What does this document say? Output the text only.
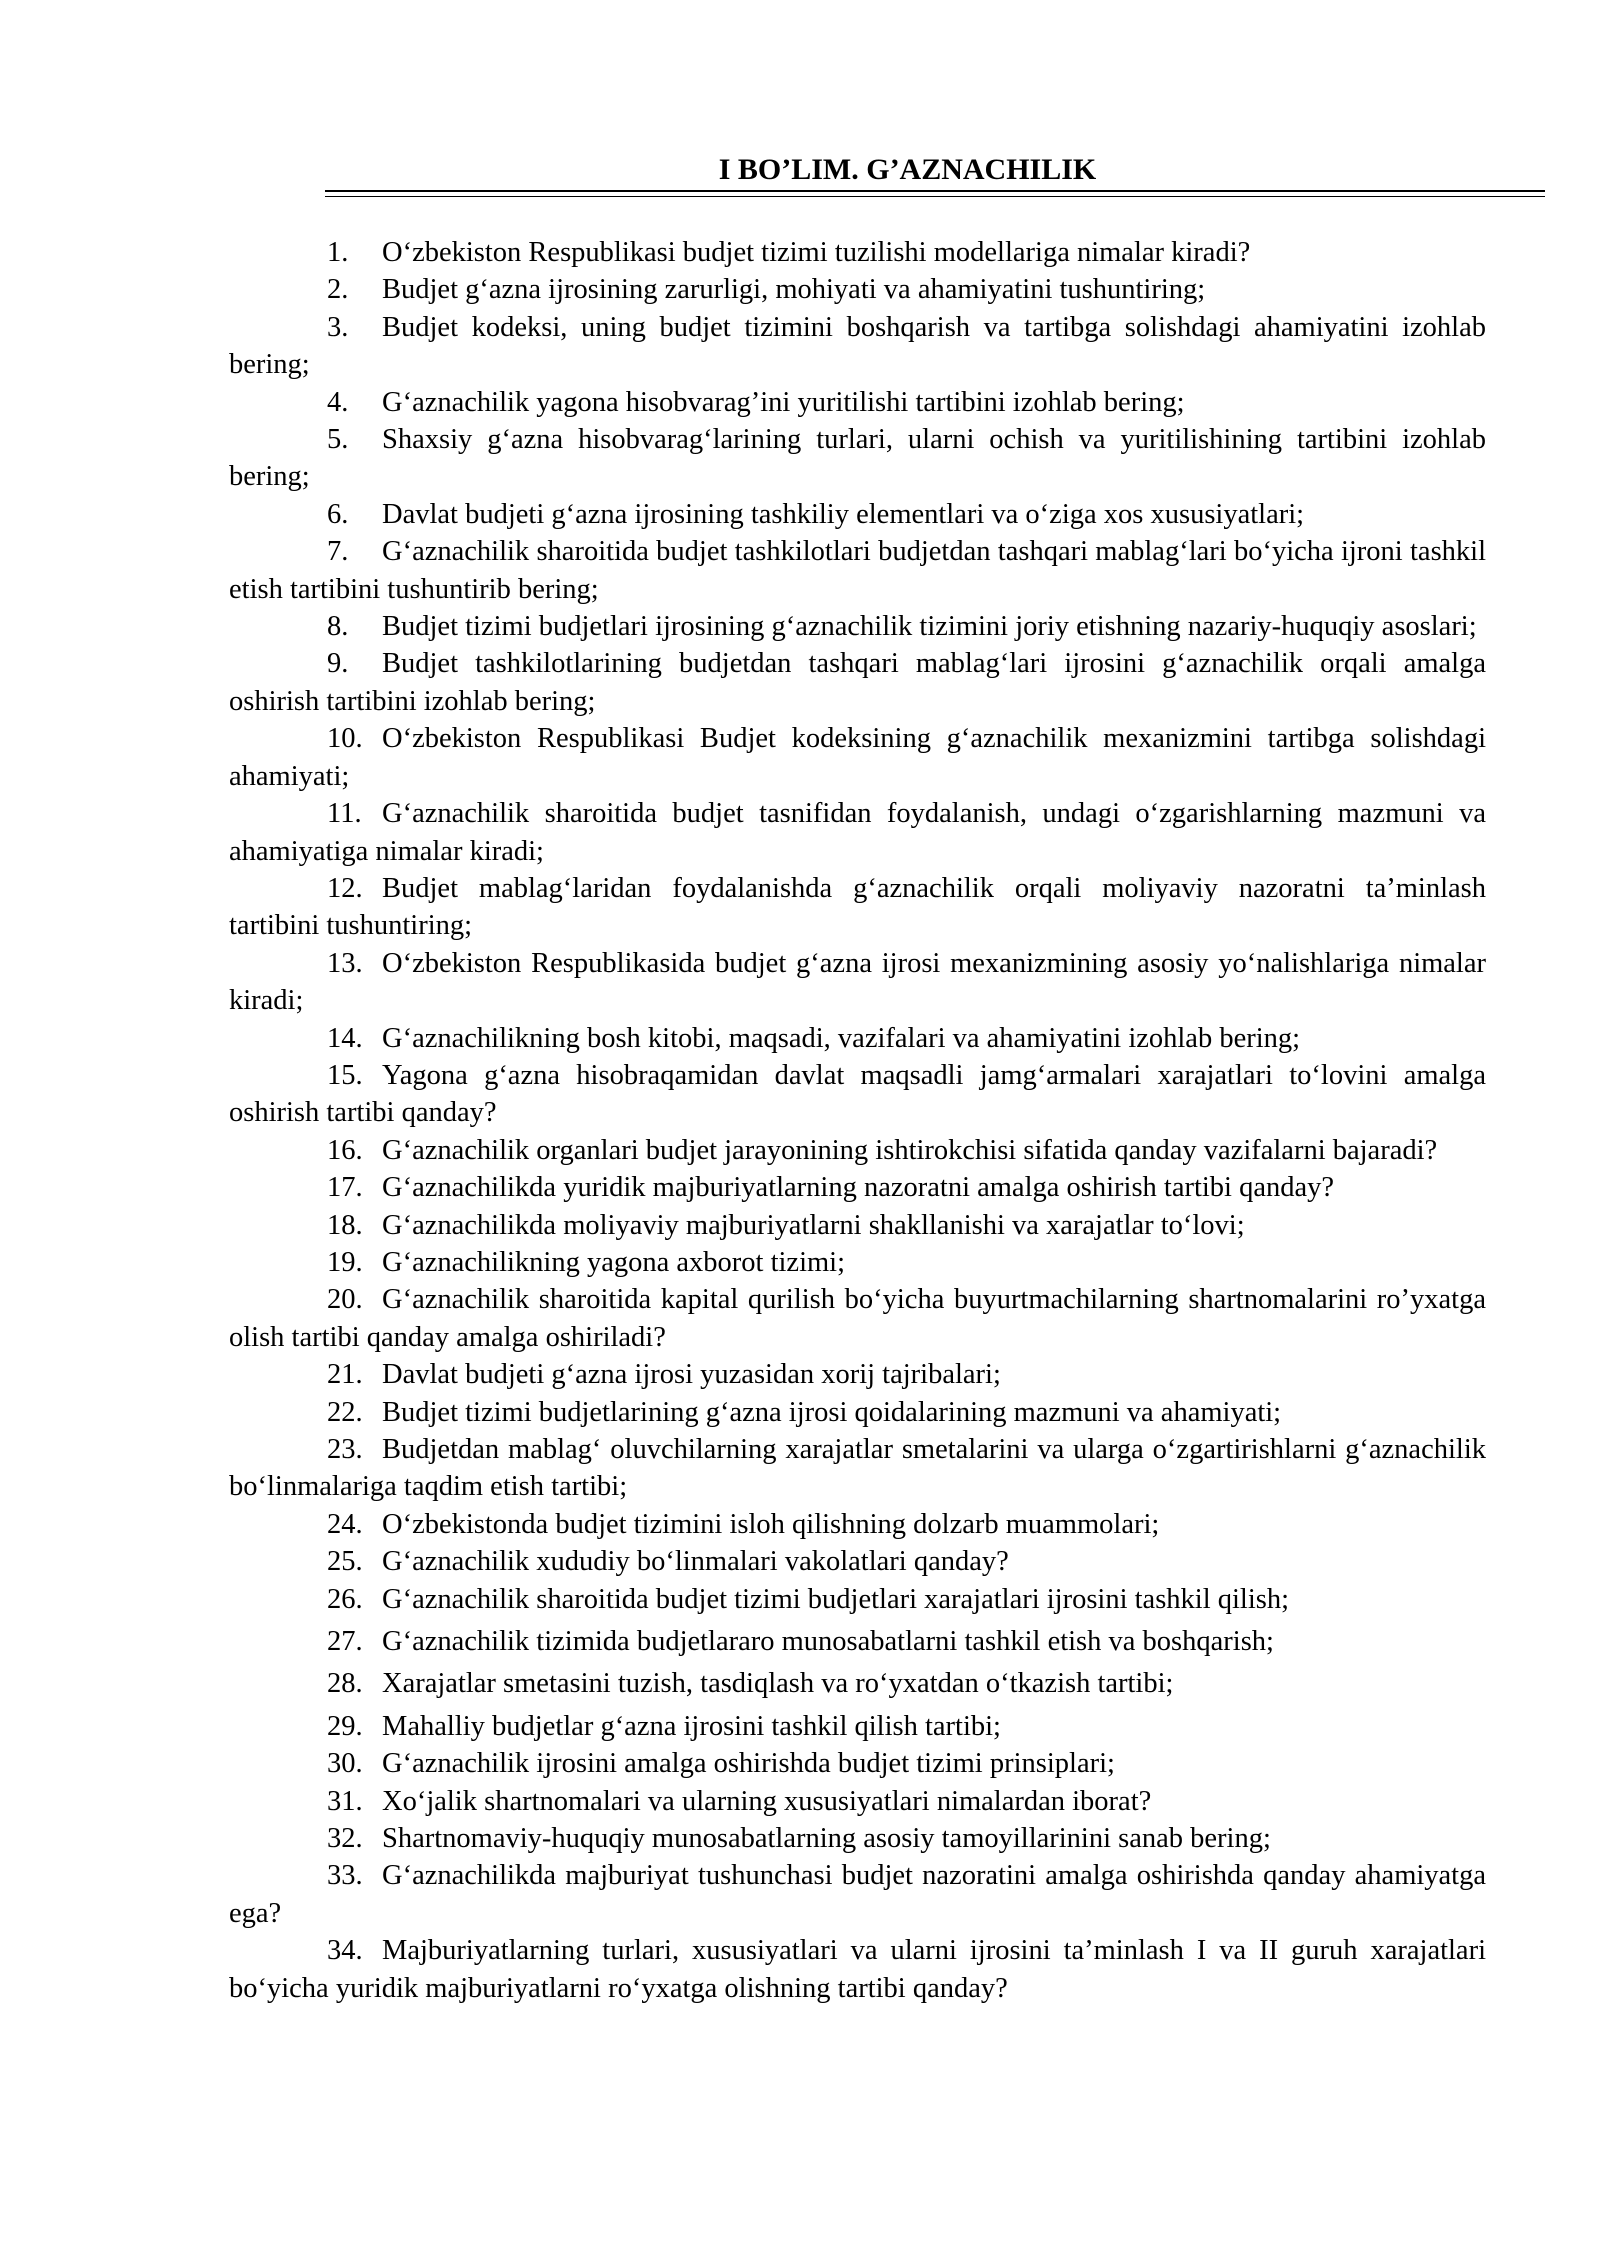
I BO’LIM. G’AZNACHILIK
1. O‘zbekiston Respublikasi budjet tizimi tuzilishi modellariga nimalar kiradi?
2. Budjet g‘azna ijrosining zarurligi, mohiyati va ahamiyatini tushuntiring;
3. Budjet kodeksi, uning budjet tizimini boshqarish va tartibga solishdagi ahamiyatini izohlab bering;
4. G‘aznachilik yagona hisobvarag’ini yuritilishi tartibini izohlab bering;
5. Shaxsiy g‘azna hisobvarag‘larining turlari, ularni ochish va yuritilishining tartibini izohlab bering;
6. Davlat budjeti g‘azna ijrosining tashkiliy elementlari va o‘ziga xos xususiyatlari;
7. G‘aznachilik sharoitida budjet tashkilotlari budjetdan tashqari mablag‘lari bo‘yicha ijroni tashkil etish tartibini tushuntirib bering;
8. Budjet tizimi budjetlari ijrosining g‘aznachilik tizimini joriy etishning nazariy-huquqiy asoslari;
9. Budjet tashkilotlarining budjetdan tashqari mablag‘lari ijrosini g‘aznachilik orqali amalga oshirish tartibini izohlab bering;
10. O‘zbekiston Respublikasi Budjet kodeksining g‘aznachilik mexanizmini tartibga solishdagi ahamiyati;
11. G‘aznachilik sharoitida budjet tasnifidan foydalanish, undagi o‘zgarishlarning mazmuni va ahamiyatiga nimalar kiradi;
12. Budjet mablag‘laridan foydalanishda g‘aznachilik orqali moliyaviy nazoratni ta’minlash tartibini tushuntiring;
13. O‘zbekiston Respublikasida budjet g‘azna ijrosi mexanizmining asosiy yo‘nalishlariga nimalar kiradi;
14. G‘aznachilikning bosh kitobi, maqsadi, vazifalari va ahamiyatini izohlab bering;
15. Yagona g‘azna hisobraqamidan davlat maqsadli jamg‘armalari xarajatlari to‘lovini amalga oshirish tartibi qanday?
16. G‘aznachilik organlari budjet jarayonining ishtirokchisi sifatida qanday vazifalarni bajaradi?
17. G‘aznachilikda yuridik majburiyatlarning nazoratni amalga oshirish tartibi qanday?
18. G‘aznachilikda moliyaviy majburiyatlarni shakllanishi va xarajatlar to‘lovi;
19. G‘aznachilikning yagona axborot tizimi;
20. G‘aznachilik sharoitida kapital qurilish bo‘yicha buyurtmachilarning shartnomalarini ro’yxatga olish tartibi qanday amalga oshiriladi?
21. Davlat budjeti g‘azna ijrosi yuzasidan xorij tajribalari;
22. Budjet tizimi budjetlarining g‘azna ijrosi qoidalarining mazmuni va ahamiyati;
23. Budjetdan mablag‘ oluvchilarning xarajatlar smetalarini va ularga o‘zgartirishlarni g‘aznachilik bo‘linmalariga taqdim etish tartibi;
24. O‘zbekistonda budjet tizimini isloh qilishning dolzarb muammolari;
25. G‘aznachilik xududiy bo‘linmalari vakolatlari qanday?
26. G‘aznachilik sharoitida budjet tizimi budjetlari xarajatlari ijrosini tashkil qilish;
27. G‘aznachilik tizimida budjetlararo munosabatlarni tashkil etish va boshqarish;
28. Xarajatlar smetasini tuzish, tasdiqlash va ro‘yxatdan o‘tkazish tartibi;
29. Mahalliy budjetlar g‘azna ijrosini tashkil qilish tartibi;
30. G‘aznachilik ijrosini amalga oshirishda budjet tizimi prinsiplari;
31. Xo‘jalik shartnomalari va ularning xususiyatlari nimalardan iborat?
32. Shartnomaviy-huquqiy munosabatlarning asosiy tamoyillarinini sanab bering;
33. G‘aznachilikda majburiyat tushunchasi budjet nazoratini amalga oshirishda qanday ahamiyatga ega?
34. Majburiyatlarning turlari, xususiyatlari va ularni ijrosini ta’minlash I va II guruh xarajatlari bo‘yicha yuridik majburiyatlarni ro‘yxatga olishning tartibi qanday?
